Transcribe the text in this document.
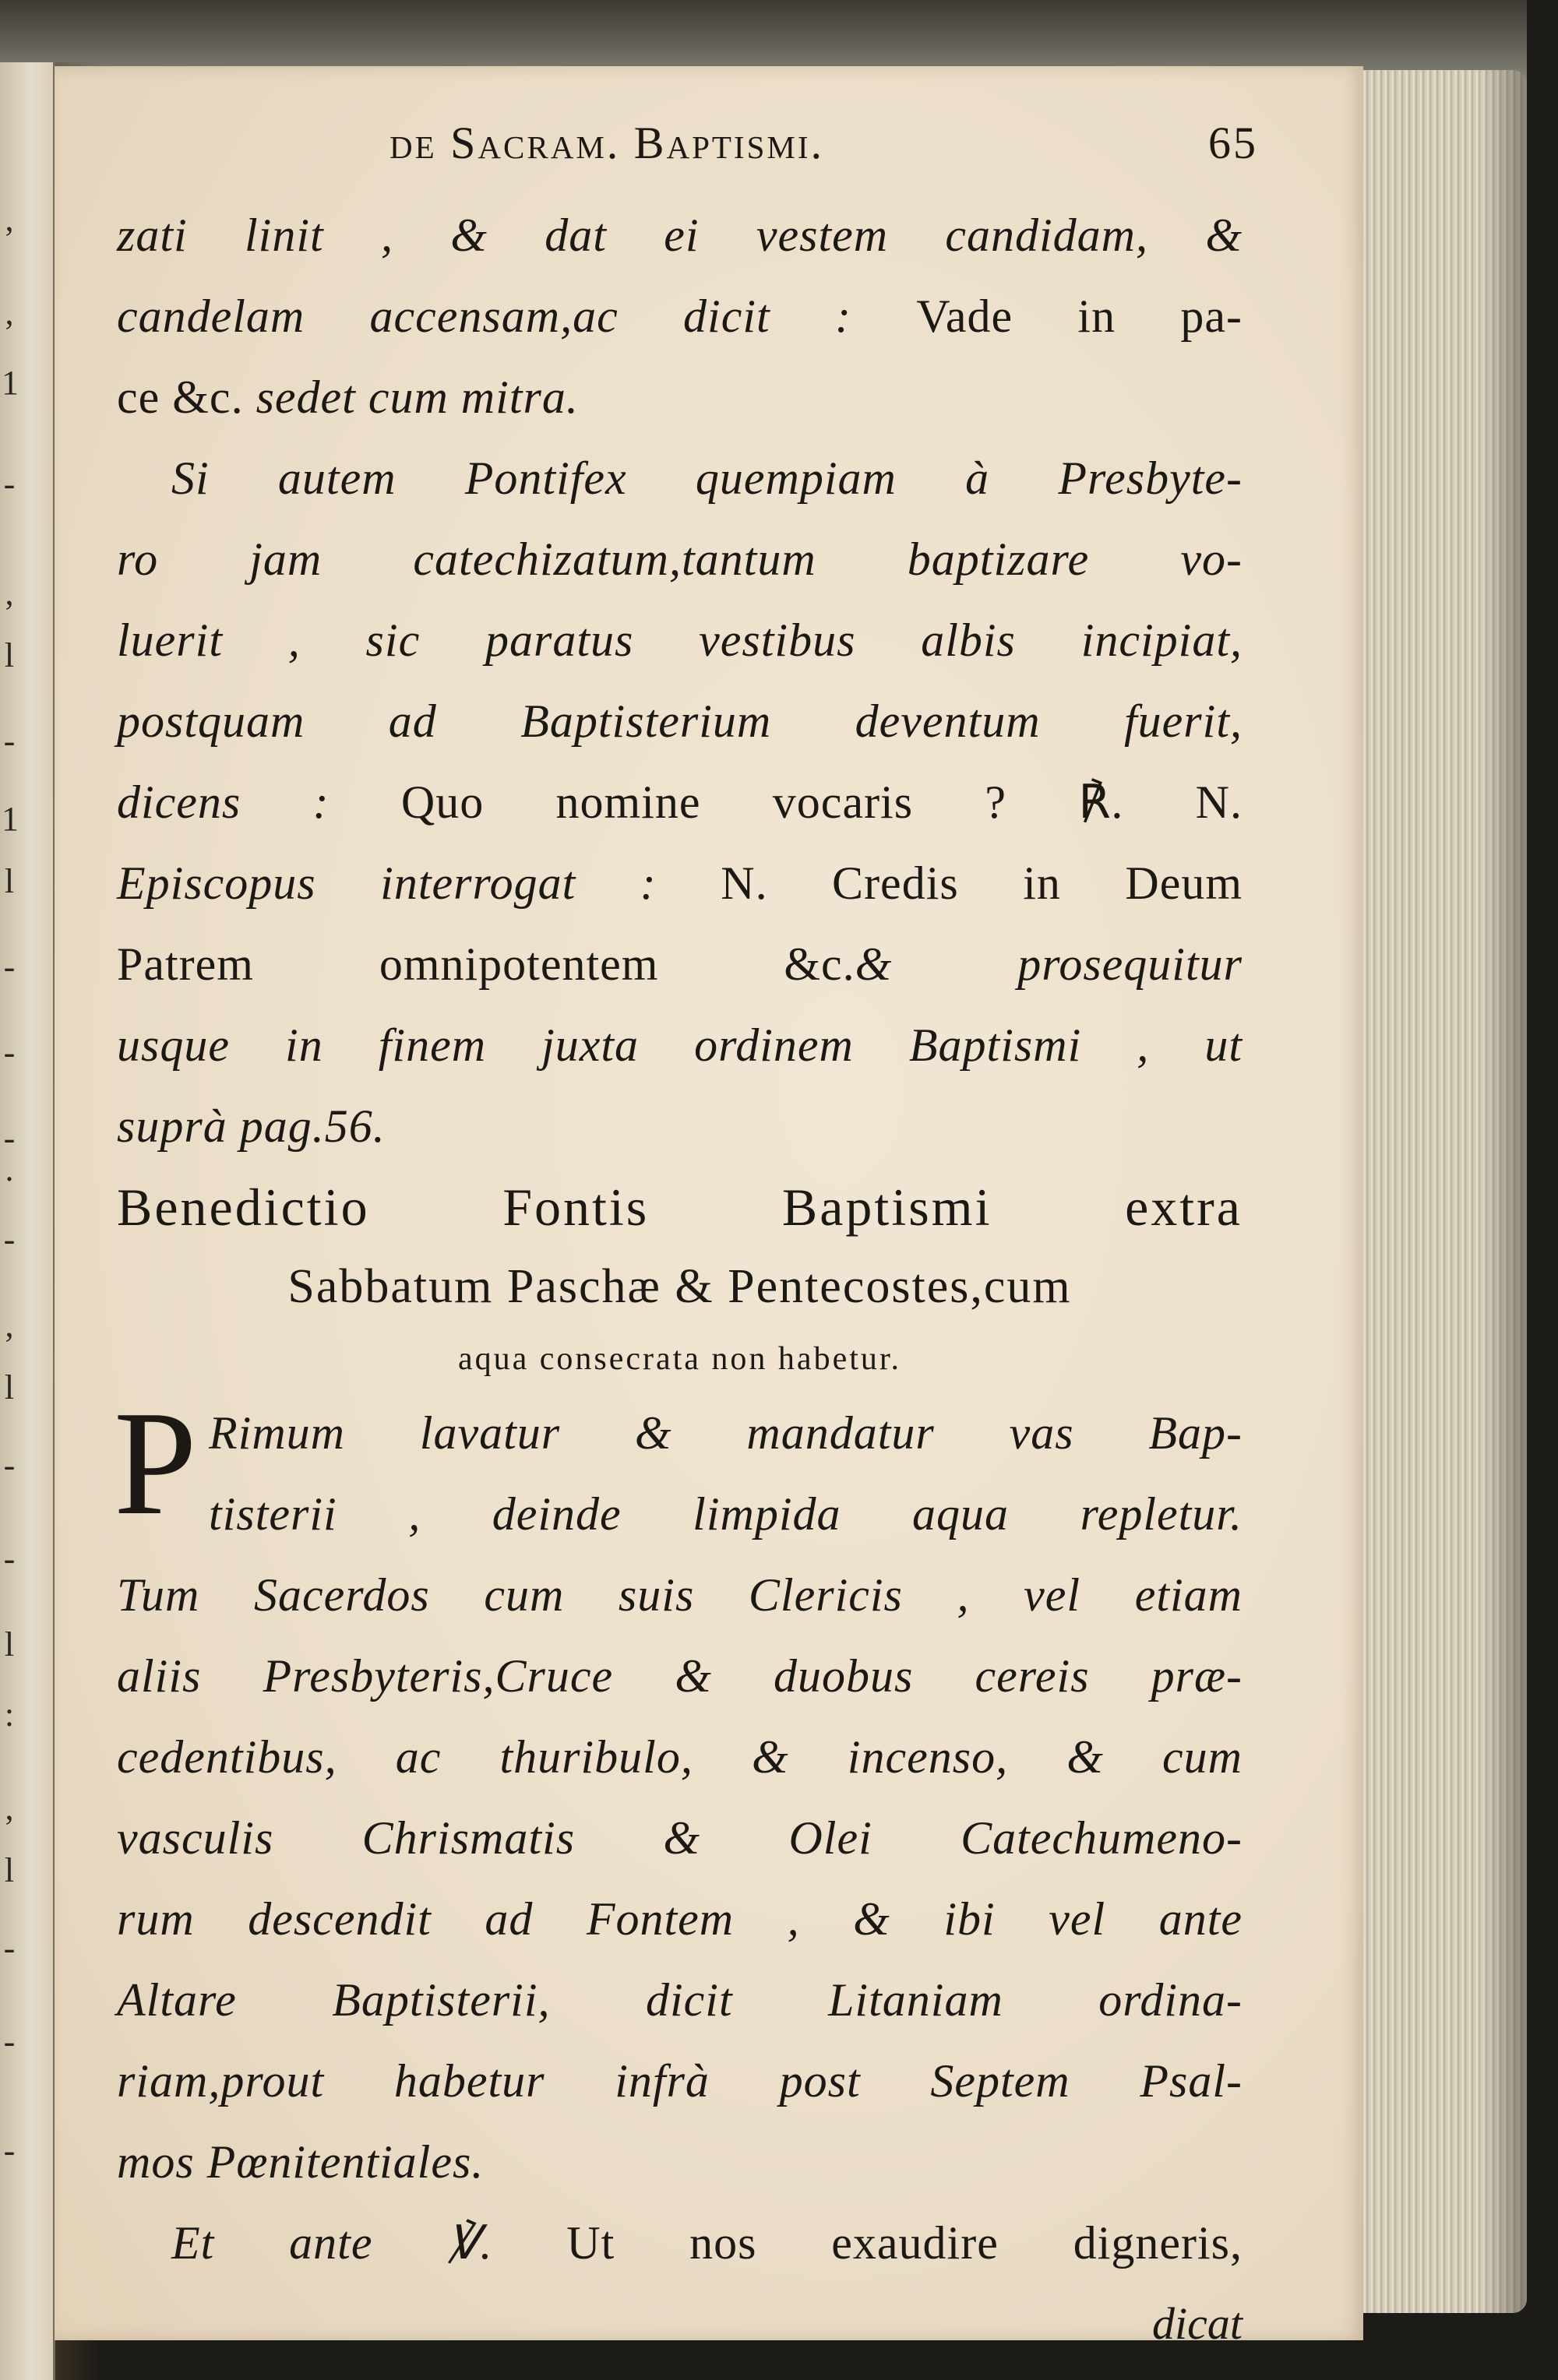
,
,
1
-
,
l
-
1
l
-
-
-
.
-
,
l
-
-
l
:
,
l
-
-
-
de Sacram. Baptismi.	65
zati linit , & dat ei vestem candidam, &
candelam accensam,ac dicit : Vade in pa-
ce &c. sedet cum mitra.
Si autem Pontifex quempiam à Presbyte-
ro jam catechizatum,tantum baptizare vo-
luerit , sic paratus vestibus albis incipiat,
postquam ad Baptisterium deventum fuerit,
dicens : Quo nomine vocaris ? ℟. N.
Episcopus interrogat : N. Credis in Deum
Patrem omnipotentem &c.& prosequitur
usque in finem juxta ordinem Baptismi , ut
suprà pag.56.
Benedictio Fontis Baptismi extra
Sabbatum Paschæ & Pentecostes,cum
aqua consecrata non habetur.
P Rimum lavatur & mandatur vas Bap-
tisterii , deinde limpida aqua repletur.
Tum Sacerdos cum suis Clericis , vel etiam
aliis Presbyteris,Cruce & duobus cereis præ-
cedentibus, ac thuribulo, & incenso, & cum
vasculis Chrismatis & Olei Catechumeno-
rum descendit ad Fontem , & ibi vel ante
Altare Baptisterii, dicit Litaniam ordina-
riam,prout habetur infrà post Septem Psal-
mos Pœnitentiales.
Et ante ℣. Ut nos exaudire digneris,
dicat
